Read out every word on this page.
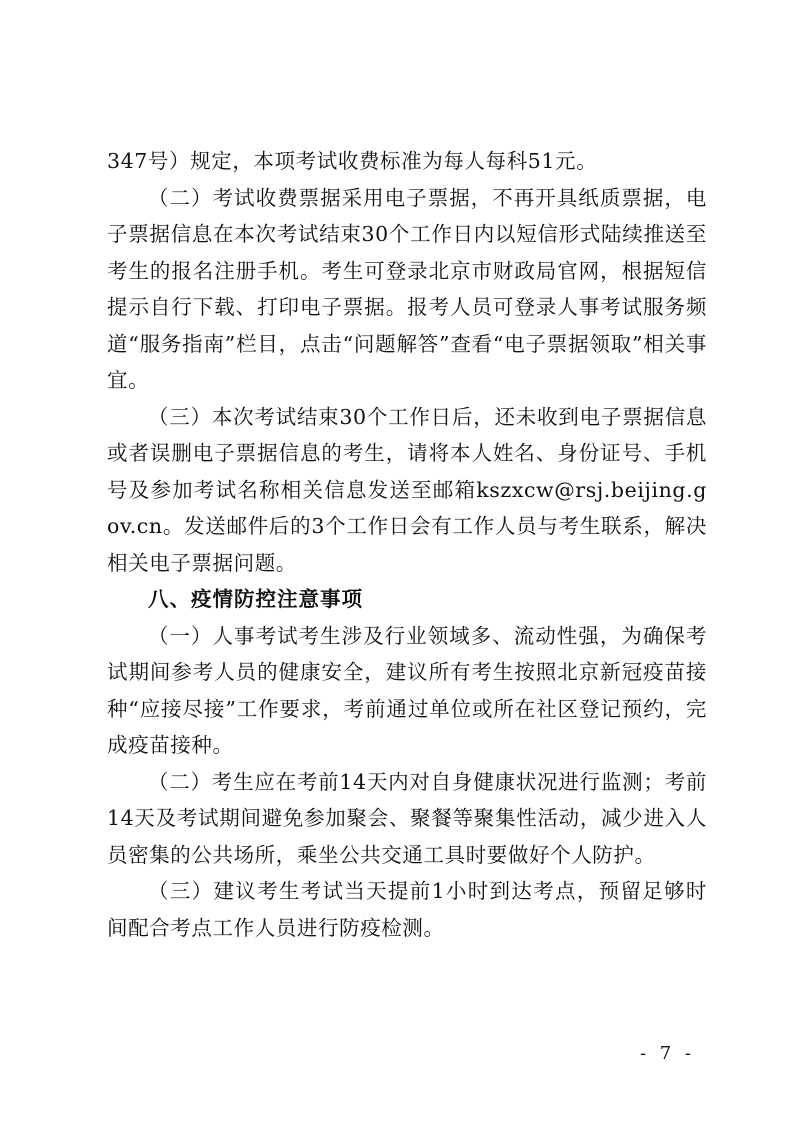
347号）规定，本项考试收费标准为每人每科51元。

（二）考试收费票据采用电子票据，不再开具纸质票据，电子票据信息在本次考试结束30个工作日内以短信形式陆续推送至考生的报名注册手机。考生可登录北京市财政局官网，根据短信提示自行下载、打印电子票据。报考人员可登录人事考试服务频道“服务指南”栏目，点击“问题解答”查看“电子票据领取”相关事宜。

（三）本次考试结束30个工作日后，还未收到电子票据信息或者误删电子票据信息的考生，请将本人姓名、身份证号、手机号及参加考试名称相关信息发送至邮箱kszxcw@rsj.beijing.gov.cn。发送邮件后的3个工作日会有工作人员与考生联系，解决相关电子票据问题。

八、疫情防控注意事项

（一）人事考试考生涉及行业领域多、流动性强，为确保考试期间参考人员的健康安全，建议所有考生按照北京新冠疫苗接种“应接尽接”工作要求，考前通过单位或所在社区登记预约，完成疫苗接种。

（二）考生应在考前14天内对自身健康状况进行监测；考前14天及考试期间避免参加聚会、聚餐等聚集性活动，减少进入人员密集的公共场所，乘坐公共交通工具时要做好个人防护。

（三）建议考生考试当天提前1小时到达考点，预留足够时间配合考点工作人员进行防疫检测。

- 7 -
